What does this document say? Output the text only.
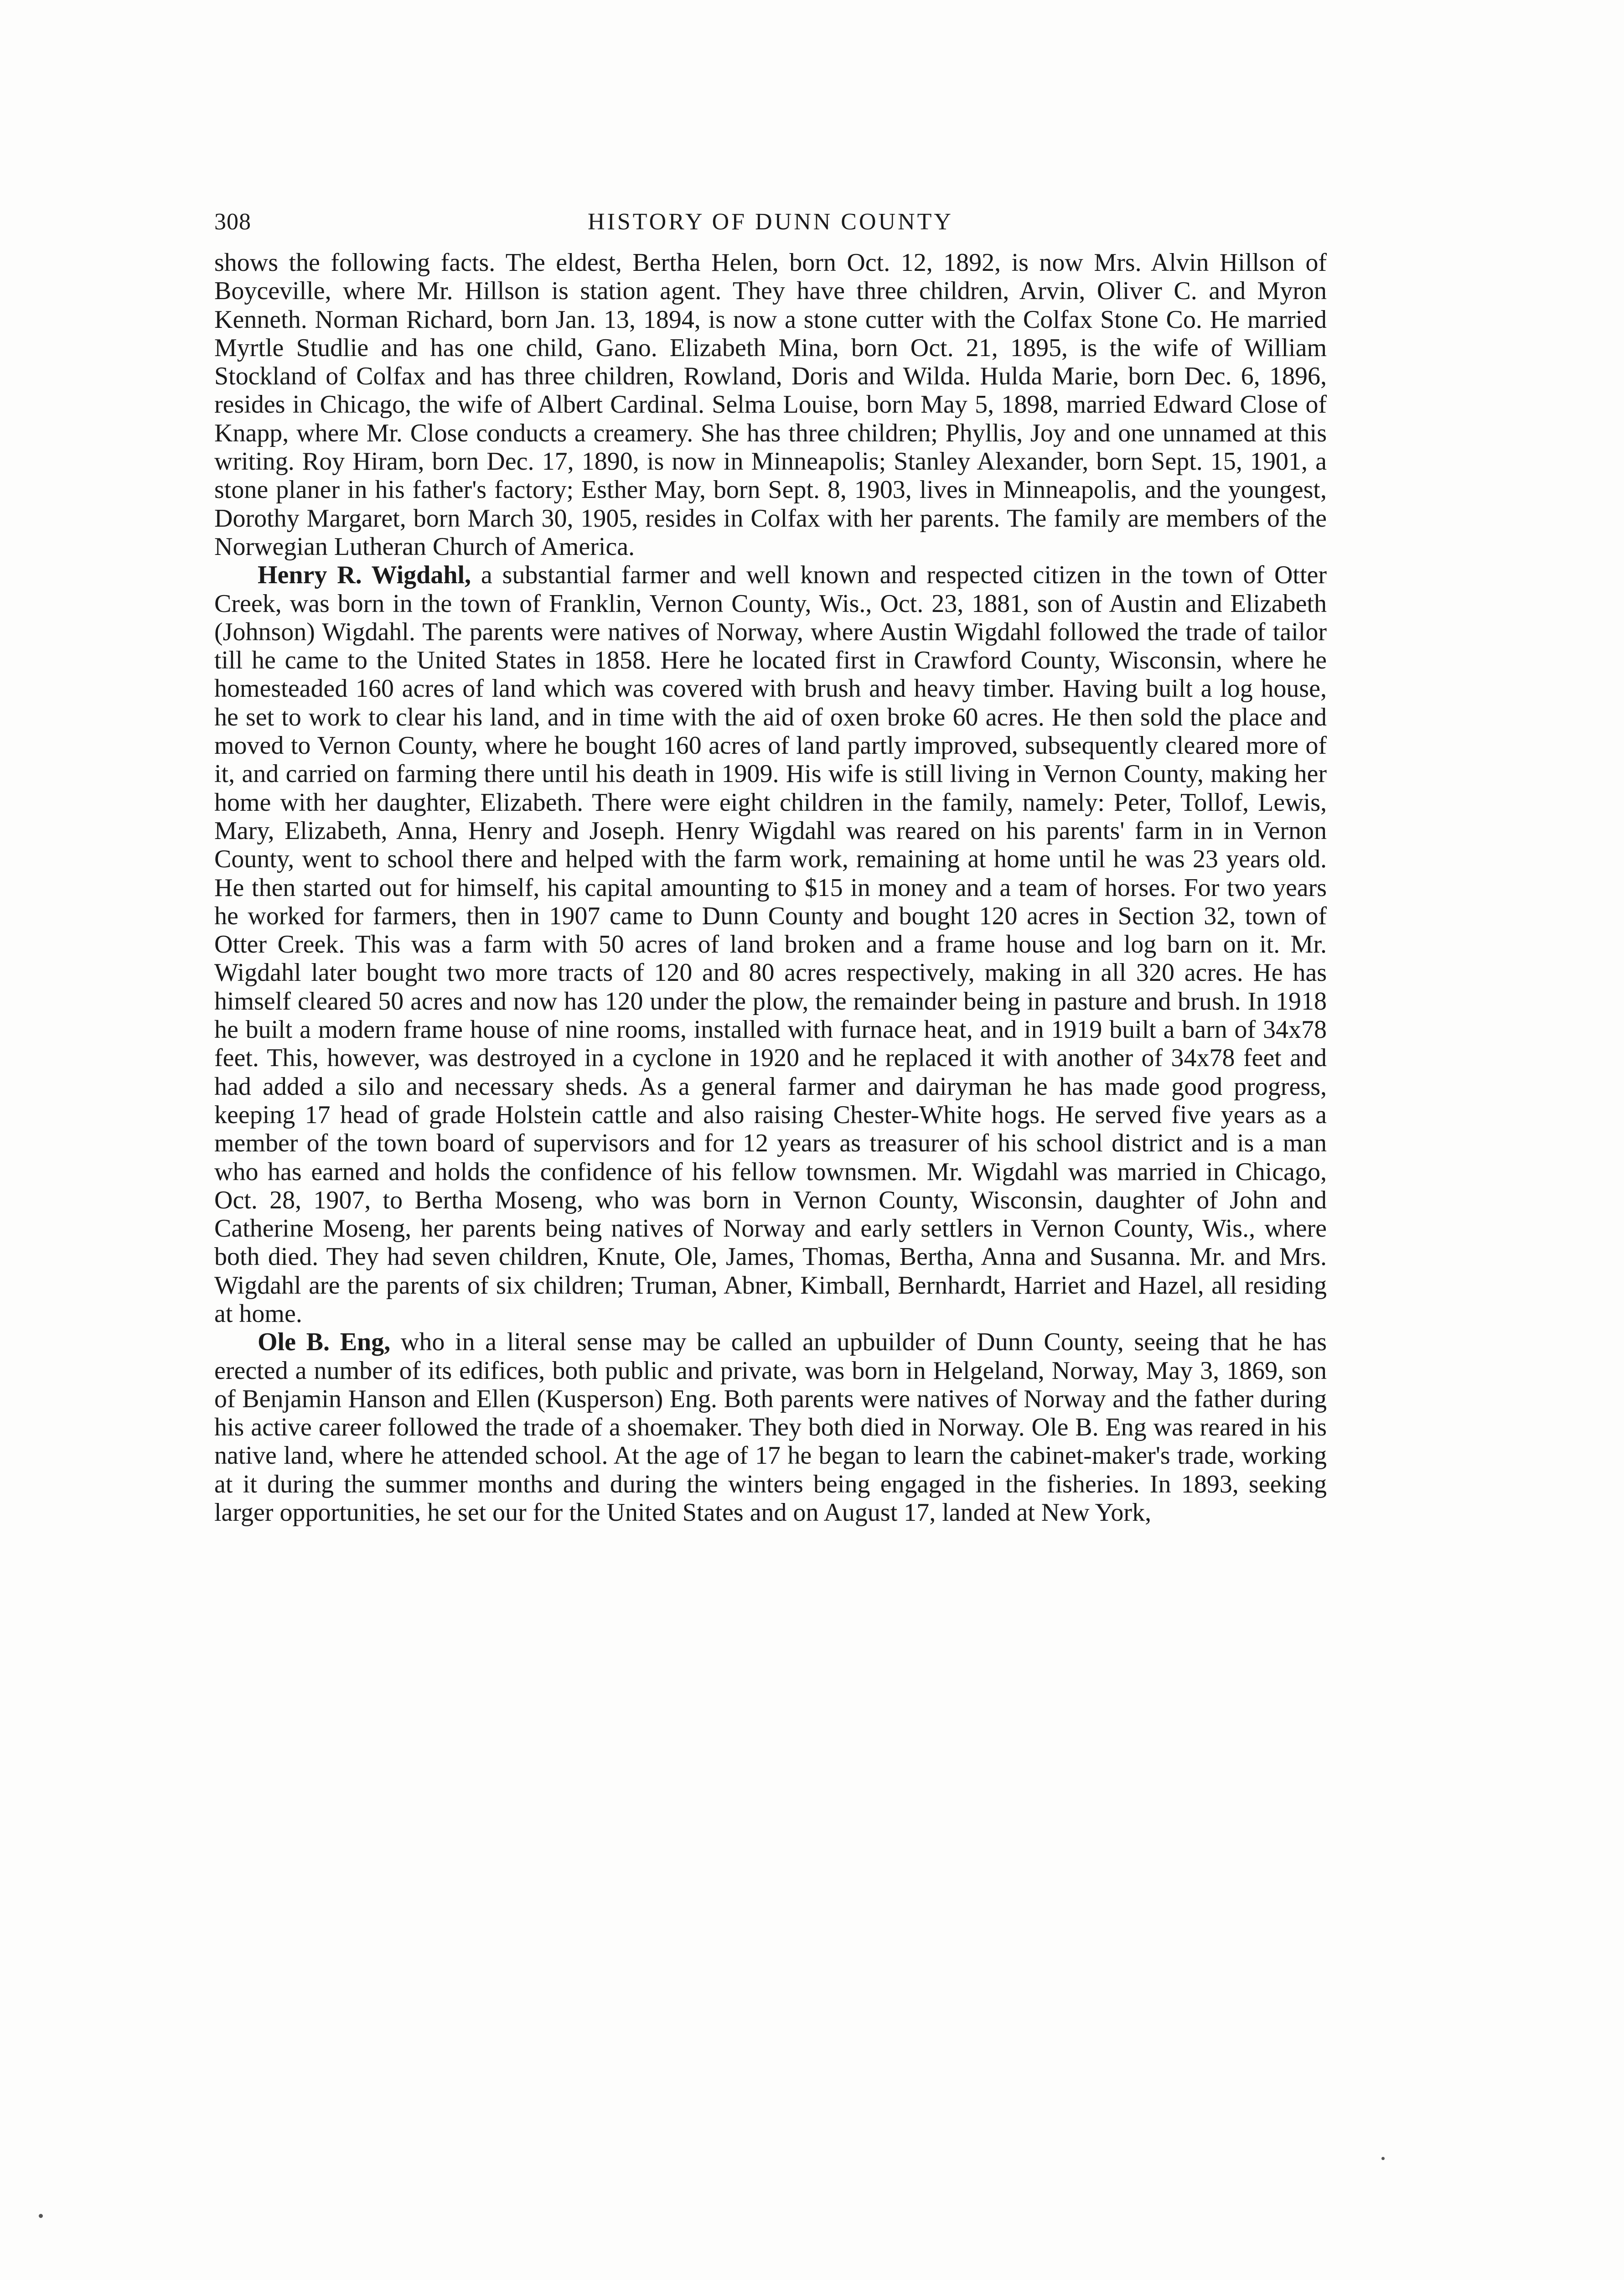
308	HISTORY OF DUNN COUNTY

shows the following facts. The eldest, Bertha Helen, born Oct. 12, 1892, is now Mrs. Alvin Hillson of Boyceville, where Mr. Hillson is station agent. They have three children, Arvin, Oliver C. and Myron Kenneth. Norman Richard, born Jan. 13, 1894, is now a stone cutter with the Colfax Stone Co. He married Myrtle Studlie and has one child, Gano. Elizabeth Mina, born Oct. 21, 1895, is the wife of William Stockland of Colfax and has three children, Rowland, Doris and Wilda. Hulda Marie, born Dec. 6, 1896, resides in Chicago, the wife of Albert Cardinal. Selma Louise, born May 5, 1898, married Edward Close of Knapp, where Mr. Close conducts a creamery. She has three children; Phyllis, Joy and one unnamed at this writing. Roy Hiram, born Dec. 17, 1890, is now in Minneapolis; Stanley Alexander, born Sept. 15, 1901, a stone planer in his father's factory; Esther May, born Sept. 8, 1903, lives in Minneapolis, and the youngest, Dorothy Margaret, born March 30, 1905, resides in Colfax with her parents. The family are members of the Norwegian Lutheran Church of America.

Henry R. Wigdahl, a substantial farmer and well known and respected citizen in the town of Otter Creek, was born in the town of Franklin, Vernon County, Wis., Oct. 23, 1881, son of Austin and Elizabeth (Johnson) Wigdahl. The parents were natives of Norway, where Austin Wigdahl followed the trade of tailor till he came to the United States in 1858. Here he located first in Crawford County, Wisconsin, where he homesteaded 160 acres of land which was covered with brush and heavy timber. Having built a log house, he set to work to clear his land, and in time with the aid of oxen broke 60 acres. He then sold the place and moved to Vernon County, where he bought 160 acres of land partly improved, subsequently cleared more of it, and carried on farming there until his death in 1909. His wife is still living in Vernon County, making her home with her daughter, Elizabeth. There were eight children in the family, namely: Peter, Tollof, Lewis, Mary, Elizabeth, Anna, Henry and Joseph. Henry Wigdahl was reared on his parents' farm in in Vernon County, went to school there and helped with the farm work, remaining at home until he was 23 years old. He then started out for himself, his capital amounting to $15 in money and a team of horses. For two years he worked for farmers, then in 1907 came to Dunn County and bought 120 acres in Section 32, town of Otter Creek. This was a farm with 50 acres of land broken and a frame house and log barn on it. Mr. Wigdahl later bought two more tracts of 120 and 80 acres respectively, making in all 320 acres. He has himself cleared 50 acres and now has 120 under the plow, the remainder being in pasture and brush. In 1918 he built a modern frame house of nine rooms, installed with furnace heat, and in 1919 built a barn of 34x78 feet. This, however, was destroyed in a cyclone in 1920 and he replaced it with another of 34x78 feet and had added a silo and necessary sheds. As a general farmer and dairyman he has made good progress, keeping 17 head of grade Holstein cattle and also raising Chester-White hogs. He served five years as a member of the town board of supervisors and for 12 years as treasurer of his school district and is a man who has earned and holds the confidence of his fellow townsmen. Mr. Wigdahl was married in Chicago, Oct. 28, 1907, to Bertha Moseng, who was born in Vernon County, Wisconsin, daughter of John and Catherine Moseng, her parents being natives of Norway and early settlers in Vernon County, Wis., where both died. They had seven children, Knute, Ole, James, Thomas, Bertha, Anna and Susanna. Mr. and Mrs. Wigdahl are the parents of six children; Truman, Abner, Kimball, Bernhardt, Harriet and Hazel, all residing at home.

Ole B. Eng, who in a literal sense may be called an upbuilder of Dunn County, seeing that he has erected a number of its edifices, both public and private, was born in Helgeland, Norway, May 3, 1869, son of Benjamin Hanson and Ellen (Kusperson) Eng. Both parents were natives of Norway and the father during his active career followed the trade of a shoemaker. They both died in Norway. Ole B. Eng was reared in his native land, where he attended school. At the age of 17 he began to learn the cabinet-maker's trade, working at it during the summer months and during the winters being engaged in the fisheries. In 1893, seeking larger opportunities, he set our for the United States and on August 17, landed at New York,
